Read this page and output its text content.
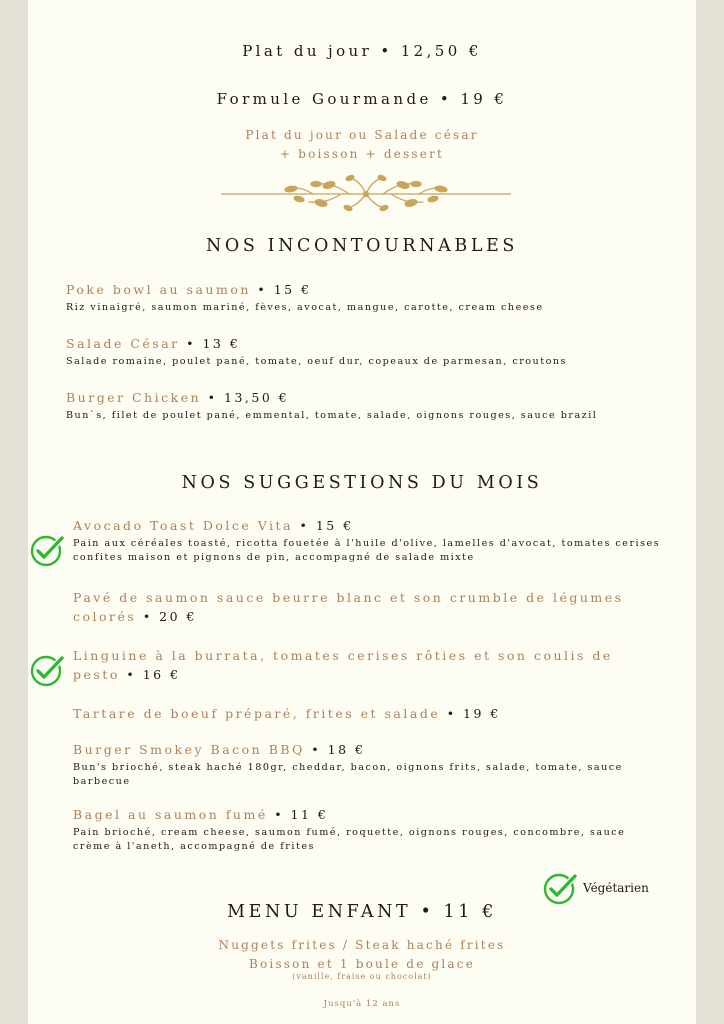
Plat du jour • 12,50 €
Formule Gourmande • 19 €
Plat du jour ou Salade césar
+ boisson + dessert
NOS INCONTOURNABLES
Poke bowl au saumon • 15 €
Riz vinaigré, saumon mariné, fèves, avocat, mangue, carotte, cream cheese
Salade César • 13 €
Salade romaine, poulet pané, tomate, oeuf dur, copeaux de parmesan, croutons
Burger Chicken • 13,50 €
Bun`s, filet de poulet pané, emmental, tomate, salade, oignons rouges, sauce brazil
NOS SUGGESTIONS DU MOIS
Avocado Toast Dolce Vita • 15 €
Pain aux céréales toasté, ricotta fouetée à l'huile d'olive, lamelles d'avocat, tomates cerises confites maison et pignons de pin, accompagné de salade mixte
Pavé de saumon sauce beurre blanc et son crumble de légumes colorés • 20 €
Linguine à la burrata, tomates cerises rôties et son coulis de pesto • 16 €
Tartare de boeuf préparé, frites et salade • 19 €
Burger Smokey Bacon BBQ • 18 €
Bun's brioché, steak haché 180gr, cheddar, bacon, oignons frits, salade, tomate, sauce barbecue
Bagel au saumon fumé • 11 €
Pain brioché, cream cheese, saumon fumé, roquette, oignons rouges, concombre, sauce crème à l'aneth, accompagné de frites
Végétarien
MENU ENFANT • 11 €
Nuggets frites / Steak haché frites
Boisson et 1 boule de glace
(vanille, fraise ou chocolat)
Jusqu'à 12 ans
